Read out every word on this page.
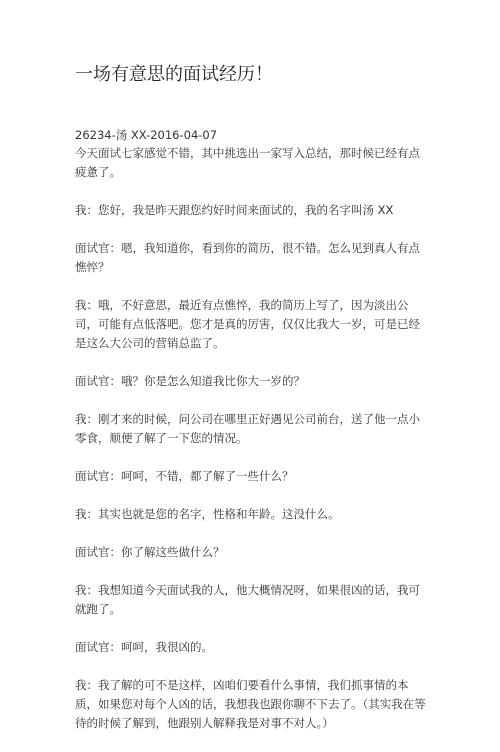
一场有意思的面试经历！

26234-汤 XX-2016-04-07

今天面试七家感觉不错，其中挑选出一家写入总结，那时候已经有点疲惫了。

我：您好，我是昨天跟您约好时间来面试的，我的名字叫汤 XX

面试官：嗯，我知道你，看到你的简历，很不错。怎么见到真人有点憔悴？

我：哦，不好意思，最近有点憔悴，我的简历上写了，因为淡出公司，可能有点低落吧。您才是真的厉害，仅仅比我大一岁，可是已经是这么大公司的营销总监了。

面试官：哦？你是怎么知道我比你大一岁的？

我：刚才来的时候，问公司在哪里正好遇见公司前台，送了他一点小零食，顺便了解了一下您的情况。

面试官：呵呵，不错，都了解了一些什么？

我：其实也就是您的名字，性格和年龄。这没什么。

面试官：你了解这些做什么？

我：我想知道今天面试我的人，他大概情况呀，如果很凶的话，我可就跑了。

面试官：呵呵，我很凶的。

我：我了解的可不是这样，凶咱们要看什么事情，我们抓事情的本质，如果您对每个人凶的话，我想我也跟你聊不下去了。（其实我在等待的时候了解到，他跟别人解释我是对事不对人。）
